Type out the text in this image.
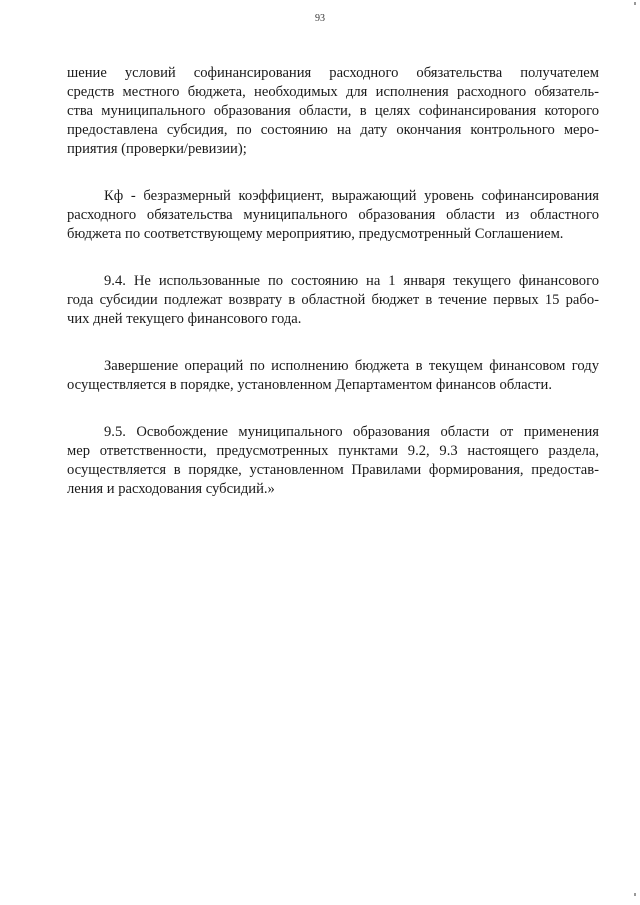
93

шение условий софинансирования расходного обязательства получателем
средств местного бюджета, необходимых для исполнения расходного обязатель-
ства муниципального образования области, в целях софинансирования которого
предоставлена субсидия, по состоянию на дату окончания контрольного меро-
приятия (проверки/ревизии);

Кф - безразмерный коэффициент, выражающий уровень софинансирования
расходного обязательства муниципального образования области из областного
бюджета по соответствующему мероприятию, предусмотренный Соглашением.

9.4. Не использованные по состоянию на 1 января текущего финансового
года субсидии подлежат возврату в областной бюджет в течение первых 15 рабо-
чих дней текущего финансового года.

Завершение операций по исполнению бюджета в текущем финансовом году
осуществляется в порядке, установленном Департаментом финансов области.

9.5. Освобождение муниципального образования области от применения
мер ответственности, предусмотренных пунктами 9.2, 9.3 настоящего раздела,
осуществляется в порядке, установленном Правилами формирования, предостав-
ления и расходования субсидий.»
